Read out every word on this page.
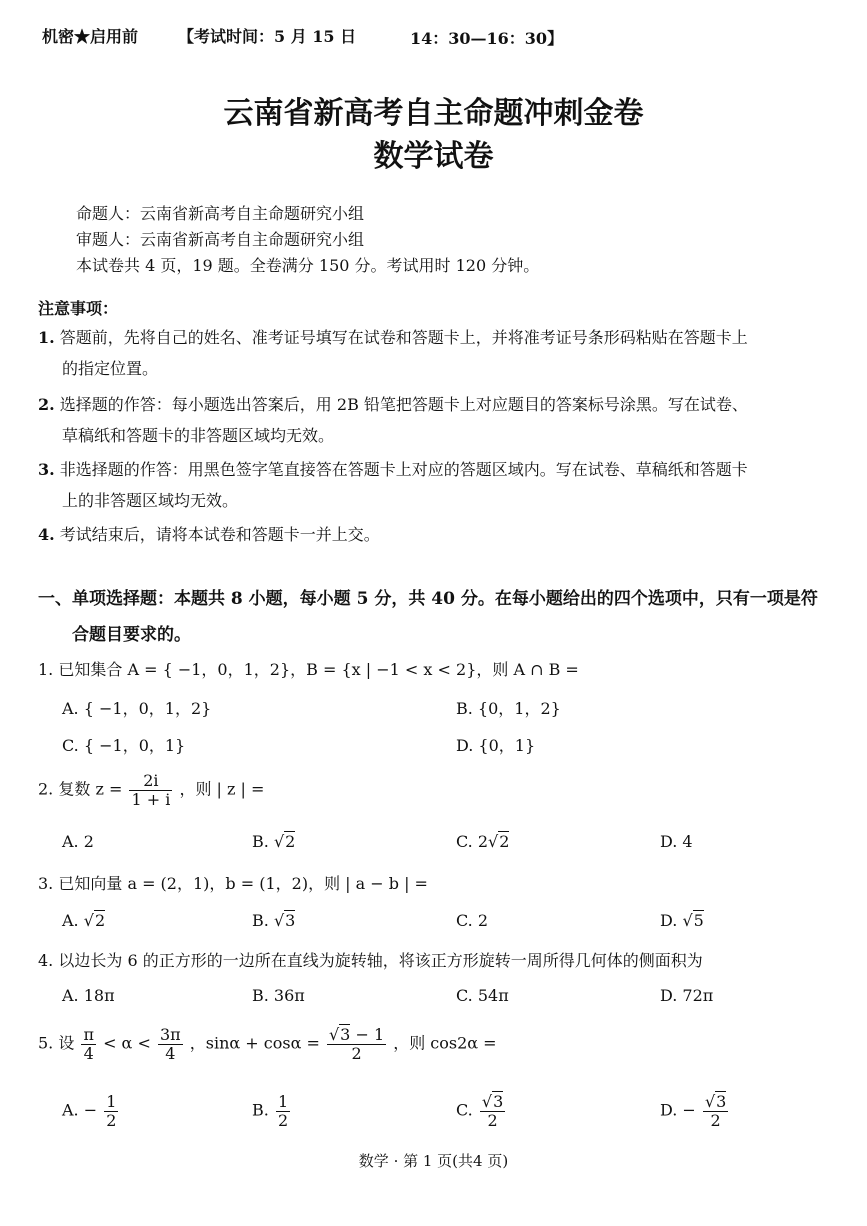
机密★启用前 【考试时间：5 月 15 日	14：30—16：30】
云南省新高考自主命题冲刺金卷
数学试卷
命题人：云南省新高考自主命题研究小组
审题人：云南省新高考自主命题研究小组
本试卷共 4 页，19 题。全卷满分 150 分。考试用时 120 分钟。
注意事项：
1. 答题前，先将自己的姓名、准考证号填写在试卷和答题卡上，并将准考证号条形码粘贴在答题卡上
的指定位置。
2. 选择题的作答：每小题选出答案后，用 2B 铅笔把答题卡上对应题目的答案标号涂黑。写在试卷、
草稿纸和答题卡的非答题区域均无效。
3. 非选择题的作答：用黑色签字笔直接答在答题卡上对应的答题区域内。写在试卷、草稿纸和答题卡
上的非答题区域均无效。
4. 考试结束后，请将本试卷和答题卡一并上交。
一、单项选择题：本题共 8 小题，每小题 5 分，共 40 分。在每小题给出的四个选项中，只有一项是符
合题目要求的。
1. 已知集合 A = { −1，0，1，2}，B = {x | −1 < x < 2}，则 A ∩ B =
A. { −1，0，1，2}	B. {0，1，2}
C. { −1，0，1}	D. {0，1}
2. 复数 $z = \frac{2i}{1 + i}$ ，则 | z | =
A. 2	B. √2	C. 2√2	D. 4
3. 已知向量 a = (2，1)，b = (1，2)，则 | a − b | =
A. √2	B. √3	C. 2	D. √5
4. 以边长为 6 的正方形的一边所在直线为旋转轴，将该正方形旋转一周所得几何体的侧面积为
A. 18π	B. 36π	C. 54π	D. 72π
5. 设 $\frac{\pi}{4} < \alpha < \frac{3\pi}{4}$ ，$\sin\alpha + \cos\alpha = \frac{√3 - 1}{2}$ ，则 cos2α =
A. − $\frac{1}{2}$	B. $\frac{1}{2}$	C. $\frac{√3}{2}$	D. − $\frac{√3}{2}$
数学 · 第 1 页(共4 页)
